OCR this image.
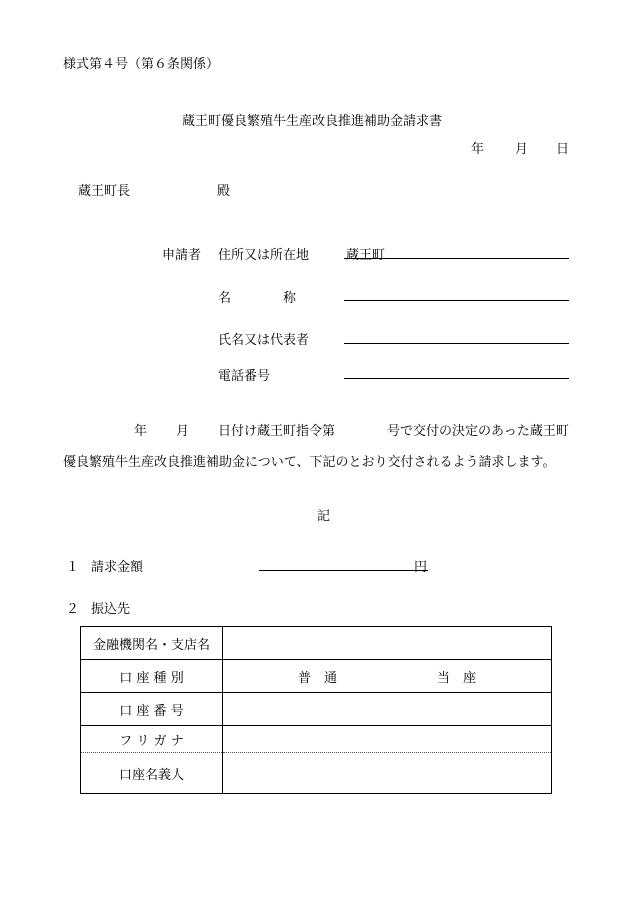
様式第４号（第６条関係）
蔵王町優良繁殖牛生産改良推進補助金請求書
年 月 日
蔵王町長	殿
申請者 住所又は所在地	蔵王町
名　　　　称
氏名又は代表者
電話番号
年 月 日付け蔵王町指令第	号で交付の決定のあった蔵王町
優良繁殖牛生産改良推進補助金について、下記のとおり交付されるよう請求します。
記
１ 請求金額	円
２ 振込先
金融機関名・支店名	
口 座 種 別	普　通 当　座

口 座 番 号	
フ リ ガ ナ	
口座名義人	
